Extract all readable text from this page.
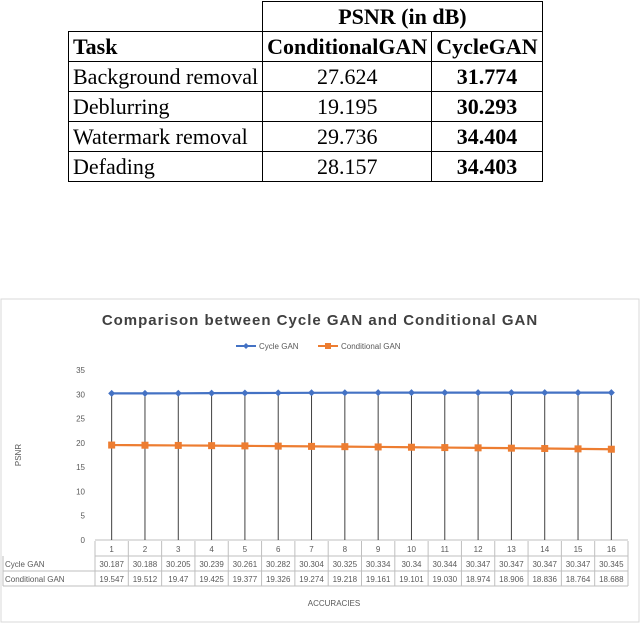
	PSNR (in dB)	
Task	ConditionalGAN	CycleGAN
Background removal	27.624	31.774
Deblurring	19.195	30.293
Watermark removal	29.736	34.404
Defading	28.157	34.403
Comparison between Cycle GAN and Conditional GAN
Cycle GAN	Conditional GAN
0
5
10
15
20
25
30
35
1	2	3	4	5	6	7	8	9	10	11	12	13	14	15	16
Cycle GAN	30.187 30.188 30.205 30.239 30.261 30.282 30.304 30.325 30.334 30.34 30.344 30.347 30.347 30.347 30.347 30.345
Conditional GAN	19.547 19.512 19.47 19.425 19.377 19.326 19.274 19.218 19.161 19.101 19.030 18.974 18.906 18.836 18.764 18.688
ACCURACIES
PSNR
